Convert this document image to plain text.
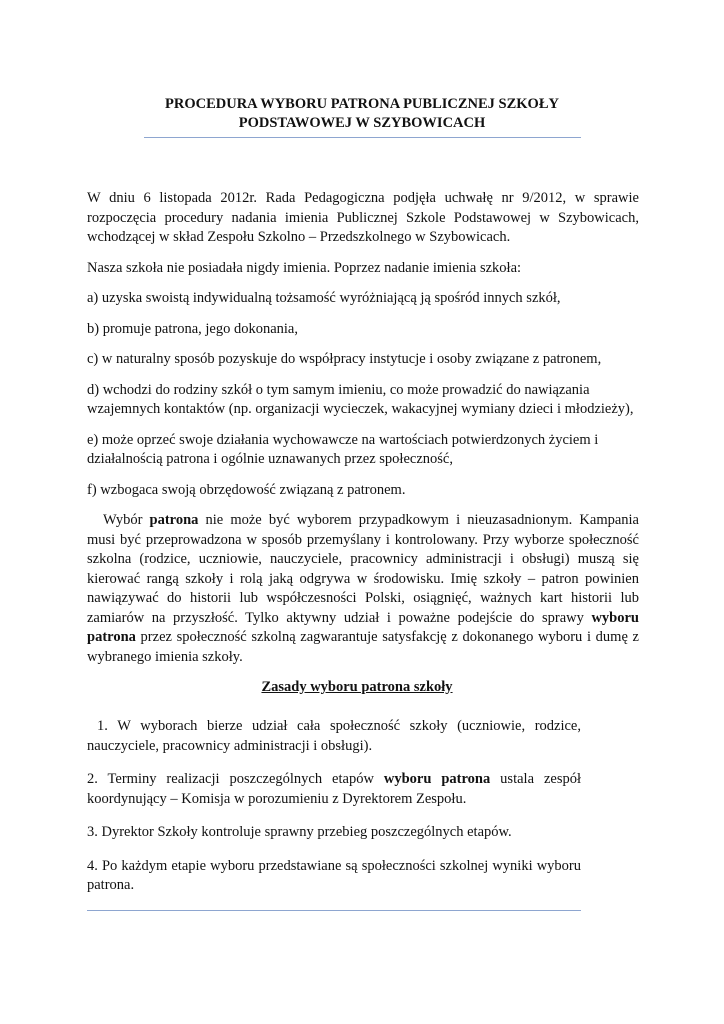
PROCEDURA WYBORU PATRONA PUBLICZNEJ SZKOŁY
PODSTAWOWEJ W SZYBOWICACH

W dniu 6 listopada 2012r. Rada Pedagogiczna podjęła uchwałę nr 9/2012, w sprawie rozpoczęcia procedury nadania imienia Publicznej Szkole Podstawowej w Szybowicach, wchodzącej w skład Zespołu Szkolno – Przedszkolnego w Szybowicach.

Nasza szkoła nie posiadała nigdy imienia. Poprzez nadanie imienia szkoła:

a) uzyska swoistą indywidualną tożsamość wyróżniającą ją spośród innych szkół,

b) promuje patrona, jego dokonania,

c) w naturalny sposób pozyskuje do współpracy instytucje i osoby związane z patronem,

d) wchodzi do rodziny szkół o tym samym imieniu, co może prowadzić do nawiązania wzajemnych kontaktów (np. organizacji wycieczek, wakacyjnej wymiany dzieci i młodzieży),

e) może oprzeć swoje działania wychowawcze na wartościach potwierdzonych życiem i działalnością patrona i ogólnie uznawanych przez społeczność,

f) wzbogaca swoją obrzędowość związaną z patronem.

Wybór patrona nie może być wyborem przypadkowym i nieuzasadnionym. Kampania musi być przeprowadzona w sposób przemyślany i kontrolowany. Przy wyborze społeczność szkolna (rodzice, uczniowie, nauczyciele, pracownicy administracji i obsługi) muszą się kierować rangą szkoły i rolą jaką odgrywa w środowisku. Imię szkoły – patron powinien nawiązywać do historii lub współczesności Polski, osiągnięć, ważnych kart historii lub zamiarów na przyszłość. Tylko aktywny udział i poważne podejście do sprawy wyboru patrona przez społeczność szkolną zagwarantuje satysfakcję z dokonanego wyboru i dumę z wybranego imienia szkoły.

Zasady wyboru patrona szkoły

1. W wyborach bierze udział cała społeczność szkoły (uczniowie, rodzice, nauczyciele, pracownicy administracji i obsługi).

2. Terminy realizacji poszczególnych etapów wyboru patrona ustala zespół koordynujący – Komisja w porozumieniu z Dyrektorem Zespołu.

3. Dyrektor Szkoły kontroluje sprawny przebieg poszczególnych etapów.

4. Po każdym etapie wyboru przedstawiane są społeczności szkolnej wyniki wyboru patrona.
